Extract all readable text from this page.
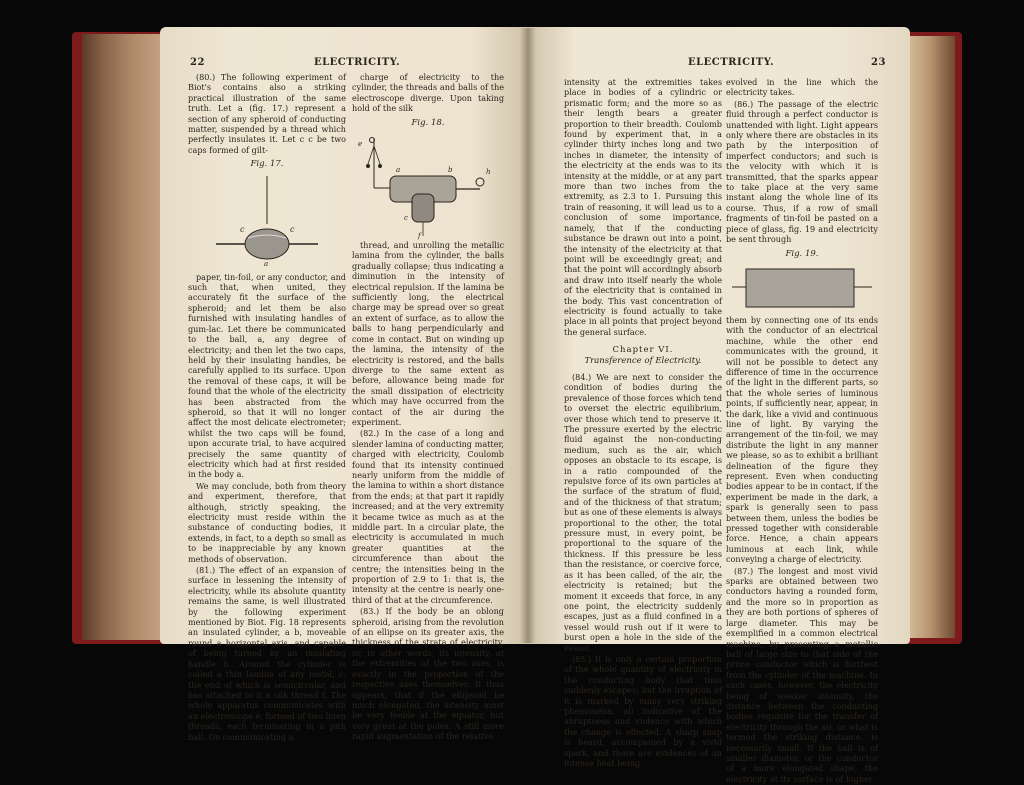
22	ELECTRICITY.

(80.) The following experiment of Biot's contains also a striking practical illustration of the same truth. Let a (fig. 17.) represent a section of any spheroid of conducting matter, suspended by a thread which perfectly insulates it. Let c c be two caps formed of gilt-

Fig. 17.
c	c
a

paper, tin-foil, or any conductor, and such that, when united, they accurately fit the surface of the spheroid; and let them be also furnished with insulating handles of gum-lac. Let there be communicated to the ball, a, any degree of electricity; and then let the two caps, held by their insulating handles, be carefully applied to its surface. Upon the removal of these caps, it will be found that the whole of the electricity has been abstracted from the spheroid, so that it will no longer affect the most delicate electrometer; whilst the two caps will be found, upon accurate trial, to have acquired precisely the same quantity of electricity which had at first resided in the body a.

We may conclude, both from theory and experiment, therefore, that although, strictly speaking, the electricity must reside within the substance of conducting bodies, it extends, in fact, to a depth so small as to be inappreciable by any known methods of observation.

(81.) The effect of an expansion of surface in lessening the intensity of electricity, while its absolute quantity remains the same, is well illustrated by the following experiment mentioned by Biot. Fig. 18 represents an insulated cylinder, a b, moveable round a horizontal axis, and capable of being turned by an insulating handle h. Around the cylinder is coiled a thin lamina of any metal, c, the end of which is semicircular, and has attached to it a silk thread f. The whole apparatus communicates with an electroscope e, formed of two linen threads, each terminating in a pith ball. On communicating a

charge of electricity to the cylinder, the threads and balls of the electroscope diverge. Upon taking hold of the silk

Fig. 18.
e
a	b	h
c
f

thread, and unrolling the metallic lamina from the cylinder, the balls gradually collapse; thus indicating a diminution in the intensity of electrical repulsion. If the lamina be sufficiently long, the electrical charge may be spread over so great an extent of surface, as to allow the balls to hang perpendicularly and come in contact. But on winding up the lamina, the intensity of the electricity is restored, and the balls diverge to the same extent as before, allowance being made for the small dissipation of electricity which may have occurred from the contact of the air during the experiment.

(82.) In the case of a long and slender lamina of conducting matter, charged with electricity, Coulomb found that its intensity continued nearly uniform from the middle of the lamina to within a short distance from the ends; at that part it rapidly increased; and at the very extremity it became twice as much as at the middle part. In a circular plate, the electricity is accumulated in much greater quantities at the circumference than about the centre; the intensities being in the proportion of 2.9 to 1: that is, the intensity at the centre is nearly one-third of that at the circumference.

(83.) If the body be an oblong spheroid, arising from the revolution of an ellipse on its greater axis, the thickness of the strata of electricity, or, in other words, its intensity, at the extremities of the two axes, is exactly in the proportion of the respective axes themselves. It thus appears, that if the ellipsoid be much elongated, the intensity must be very feeble at the equator, but very great at the poles. A still more rapid augmentation of the relative

ELECTRICITY.	23

intensity at the extremities takes place in bodies of a cylindric or prismatic form; and the more so as their length bears a greater proportion to their breadth. Coulomb found by experiment that, in a cylinder thirty inches long and two inches in diameter, the intensity of the electricity at the ends was to its intensity at the middle, or at any part more than two inches from the extremity, as 2.3 to 1. Pursuing this train of reasoning, it will lead us to a conclusion of some importance, namely, that if the conducting substance be drawn out into a point, the intensity of the electricity at that point will be exceedingly great; and that the point will accordingly absorb and draw into itself nearly the whole of the electricity that is contained in the body. This vast concentration of electricity is found actually to take place in all points that project beyond the general surface.

Chapter VI.
Transference of Electricity.

(84.) We are next to consider the condition of bodies during the prevalence of those forces which tend to overset the electric equilibrium, over those which tend to preserve it. The pressure exerted by the electric fluid against the non-conducting medium, such as the air, which opposes an obstacle to its escape, is in a ratio compounded of the repulsive force of its own particles at the surface of the stratum of fluid, and of the thickness of that stratum; but as one of these elements is always proportional to the other, the total pressure must, in every point, be proportional to the square of the thickness. If this pressure be less than the resistance, or coercive force, as it has been called, of the air, the electricity is retained; but the moment it exceeds that force, in any one point, the electricity suddenly escapes, just as a fluid confined in a vessel would rush out if it were to burst open a hole in the side of the vessel.

(85.) It is only a certain proportion of the whole quantity of electricity in the conducting body that thus suddenly escapes; but the irruption of it is marked by many very striking phenomena, all indicative of the abruptness and violence with which the change is effected. A sharp snap is heard, accompanied by a vivid spark, and there are evidences of an intense heat being

evolved in the line which the electricity takes.

(86.) The passage of the electric fluid through a perfect conductor is unattended with light. Light appears only where there are obstacles in its path by the interposition of imperfect conductors; and such is the velocity with which it is transmitted, that the sparks appear to take place at the very same instant along the whole line of its course. Thus, if a row of small fragments of tin-foil be pasted on a piece of glass, fig. 19 and electricity be sent through

Fig. 19.

them by connecting one of its ends with the conductor of an electrical machine, while the other end communicates with the ground, it will not be possible to detect any difference of time in the occurrence of the light in the different parts, so that the whole series of luminous points, if sufficiently near, appear, in the dark, like a vivid and continuous line of light. By varying the arrangement of the tin-foil, we may distribute the light in any manner we please, so as to exhibit a brilliant delineation of the figure they represent. Even when conducting bodies appear to be in contact, if the experiment be made in the dark, a spark is generally seen to pass between them, unless the bodies be pressed together with considerable force. Hence, a chain appears luminous at each link, while conveying a charge of electricity.

(87.) The longest and most vivid sparks are obtained between two conductors having a rounded form, and the more so in proportion as they are both portions of spheres of large diameter. This may be exemplified in a common electrical machine, by presenting a metallic ball of large size to that side of the prime conductor which is furthest from the cylinder of the machine. In such cases, however, the electricity being of weaker intensity, the distance between the conducting bodies requisite for the transfer of electricity through the air, or what is termed the striking distance, is necessarily small. If the ball is of smaller diameter, or the conductor of a more elongated shape, the electricity at its surface is of higher
